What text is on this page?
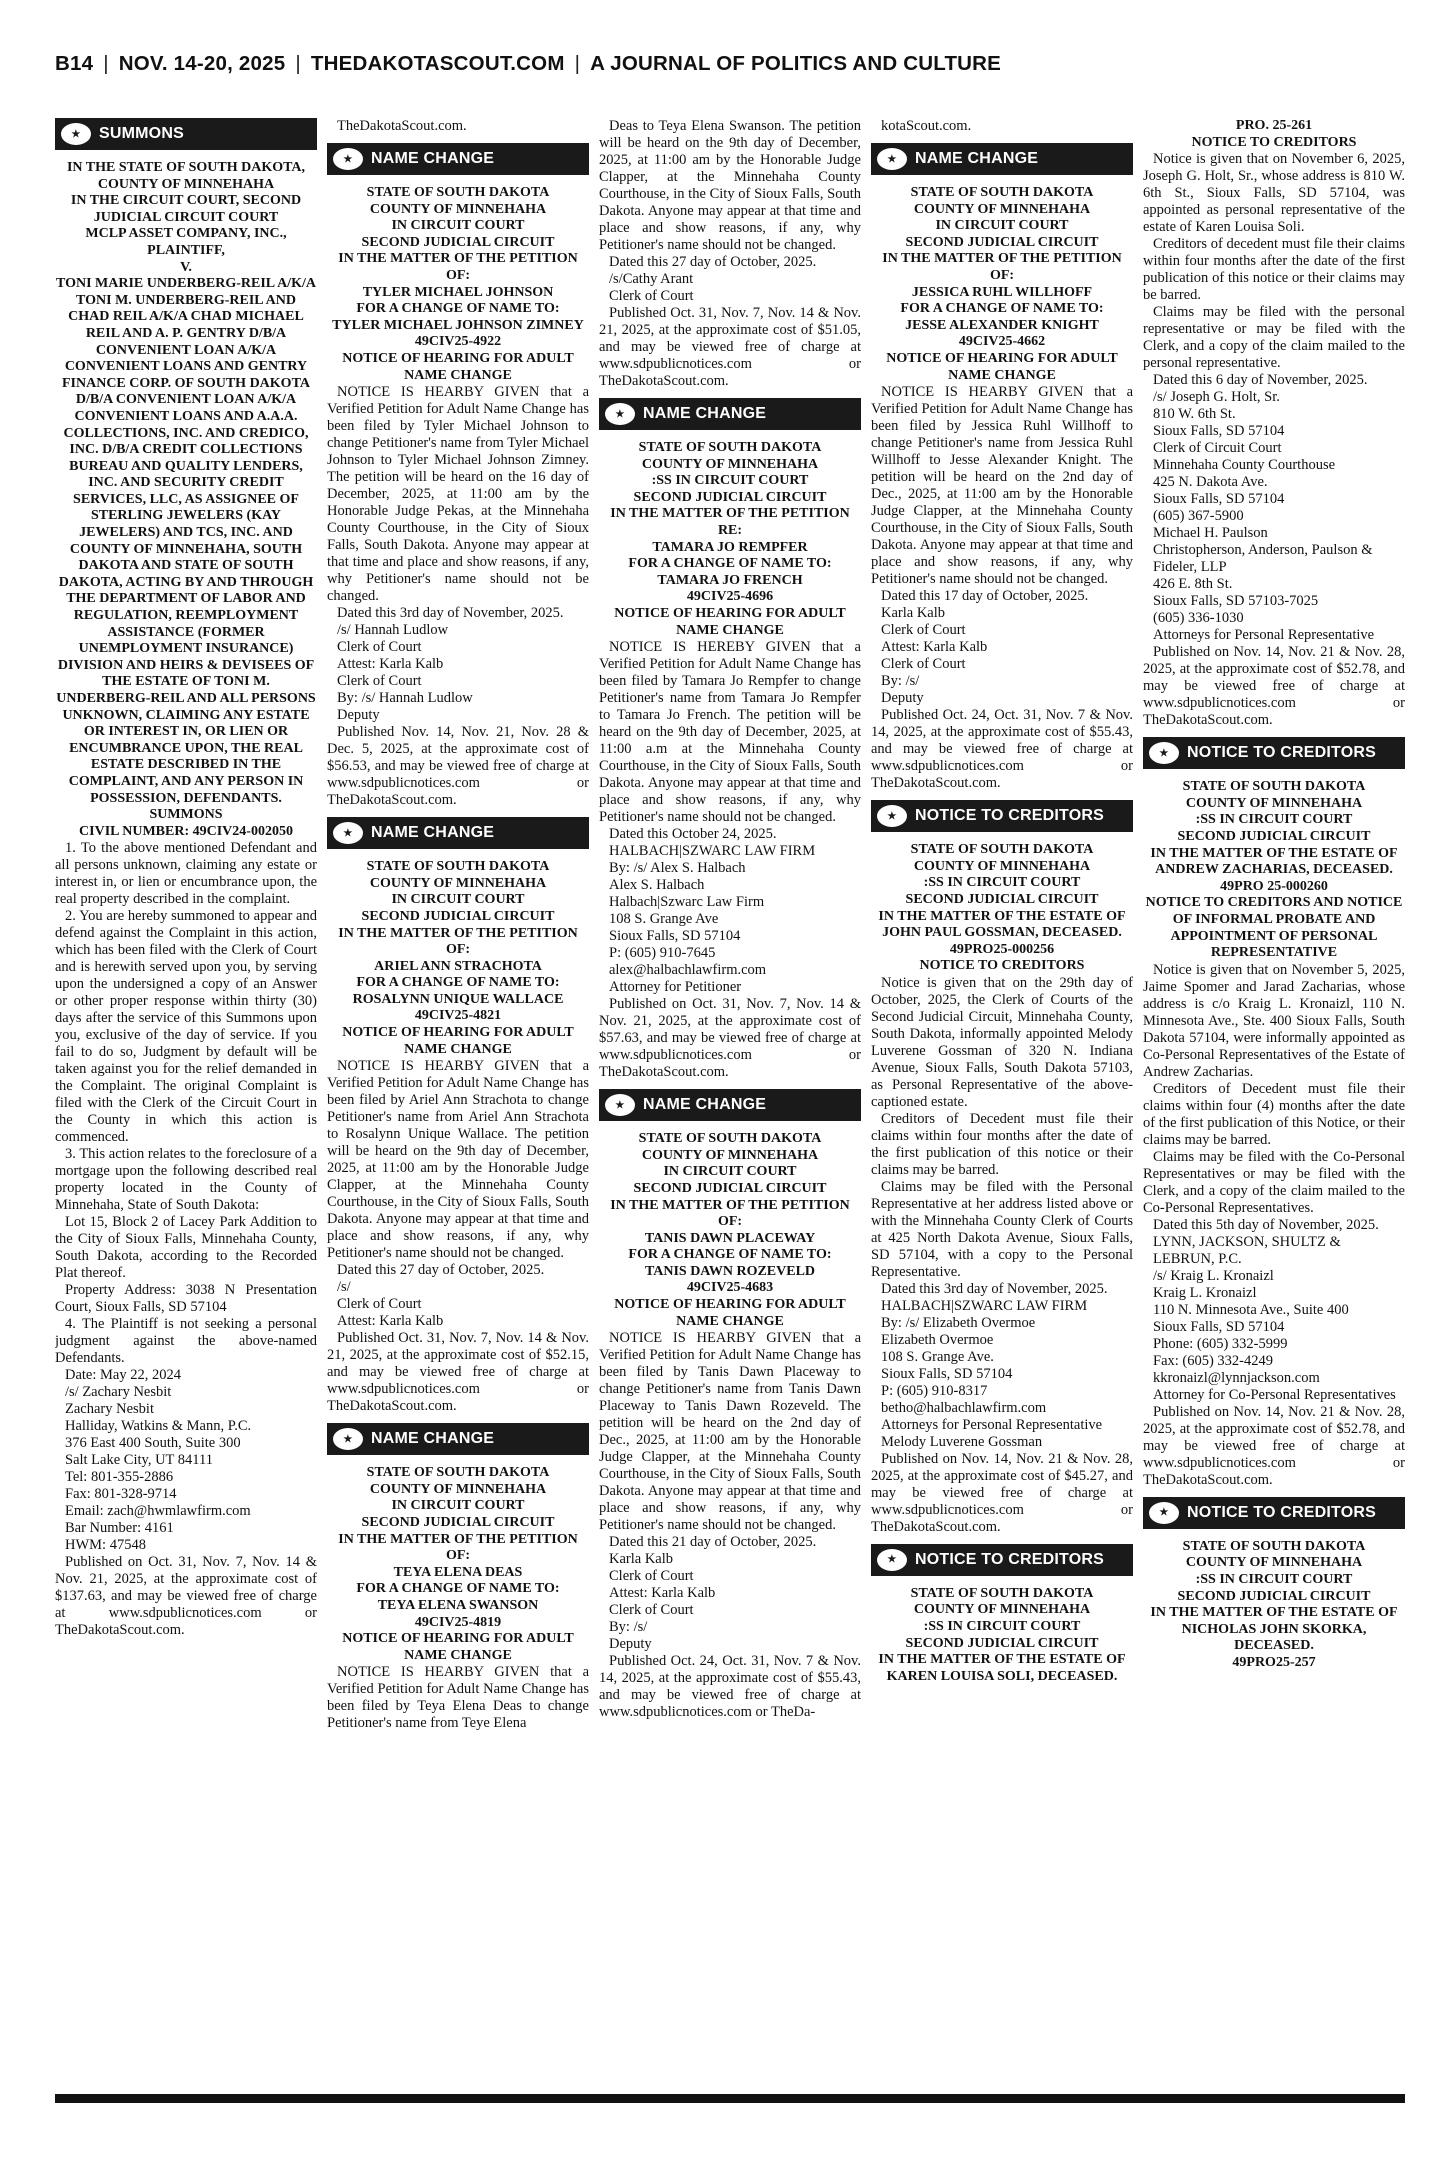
B14 | NOV. 14-20, 2025 | THEDAKOTASCOUT.COM | A JOURNAL OF POLITICS AND CULTURE
★	SUMMONS

IN THE STATE OF SOUTH DAKOTA,

COUNTY OF MINNEHAHA

IN THE CIRCUIT COURT, SECOND JUDICIAL CIRCUIT COURT

MCLP ASSET COMPANY, INC.,

PLAINTIFF,

V.

TONI MARIE UNDERBERG-REIL A/K/A TONI M. UNDERBERG-REIL AND CHAD REIL A/K/A CHAD MICHAEL REIL AND A. P. GENTRY D/B/A CONVENIENT LOAN A/K/A CONVENIENT LOANS AND GENTRY FINANCE CORP. OF SOUTH DAKOTA D/B/A CONVENIENT LOAN A/K/A CONVENIENT LOANS AND A.A.A. COLLECTIONS, INC. AND CREDICO, INC. D/B/A CREDIT COLLECTIONS BUREAU AND QUALITY LENDERS, INC. AND SECURITY CREDIT SERVICES, LLC, AS ASSIGNEE OF STERLING JEWELERS (KAY JEWELERS) AND TCS, INC. AND COUNTY OF MINNEHAHA, SOUTH DAKOTA AND STATE OF SOUTH DAKOTA, ACTING BY AND THROUGH THE DEPARTMENT OF LABOR AND REGULATION, REEMPLOYMENT ASSISTANCE (FORMER UNEMPLOYMENT INSURANCE) DIVISION AND HEIRS & DEVISEES OF THE ESTATE OF TONI M. UNDERBERG-REIL AND ALL PERSONS UNKNOWN, CLAIMING ANY ESTATE OR INTEREST IN, OR LIEN OR ENCUMBRANCE UPON, THE REAL ESTATE DESCRIBED IN THE COMPLAINT, AND ANY PERSON IN POSSESSION, DEFENDANTS.

SUMMONS

CIVIL NUMBER: 49CIV24-002050

1. To the above mentioned Defendant and all persons unknown, claiming any estate or interest in, or lien or encumbrance upon, the real property described in the complaint.

2. You are hereby summoned to appear and defend against the Complaint in this action, which has been filed with the Clerk of Court and is herewith served upon you, by serving upon the undersigned a copy of an Answer or other proper response within thirty (30) days after the service of this Summons upon you, exclusive of the day of service. If you fail to do so, Judgment by default will be taken against you for the relief demanded in the Complaint. The original Complaint is filed with the Clerk of the Circuit Court in the County in which this action is commenced.

3. This action relates to the foreclosure of a mortgage upon the following described real property located in the County of Minnehaha, State of South Dakota:

Lot 15, Block 2 of Lacey Park Addition to the City of Sioux Falls, Minnehaha County, South Dakota, according to the Recorded Plat thereof.

Property Address: 3038 N Presentation Court, Sioux Falls, SD 57104

4. The Plaintiff is not seeking a personal judgment against the above-named Defendants.

Date: May 22, 2024

/s/ Zachary Nesbit

Zachary Nesbit

Halliday, Watkins & Mann, P.C.

376 East 400 South, Suite 300

Salt Lake City, UT 84111

Tel: 801-355-2886

Fax: 801-328-9714

Email: zach@hwmlawfirm.com

Bar Number: 4161

HWM: 47548

Published on Oct. 31, Nov. 7, Nov. 14 & Nov. 21, 2025, at the approximate cost of $137.63, and may be viewed free of charge at www.sdpublicnotices.com or TheDakotaScout.com.

TheDakotaScout.com.

★	NAME CHANGE

STATE OF SOUTH DAKOTA

COUNTY OF MINNEHAHA

IN CIRCUIT COURT

SECOND JUDICIAL CIRCUIT

IN THE MATTER OF THE PETITION OF:

TYLER MICHAEL JOHNSON

FOR A CHANGE OF NAME TO:

TYLER MICHAEL JOHNSON ZIMNEY

49CIV25-4922

NOTICE OF HEARING FOR ADULT NAME CHANGE

NOTICE IS HEARBY GIVEN that a Verified Petition for Adult Name Change has been filed by Tyler Michael Johnson to change Petitioner's name from Tyler Michael Johnson to Tyler Michael Johnson Zimney. The petition will be heard on the 16 day of December, 2025, at 11:00 am by the Honorable Judge Pekas, at the Minnehaha County Courthouse, in the City of Sioux Falls, South Dakota. Anyone may appear at that time and place and show reasons, if any, why Petitioner's name should not be changed.

Dated this 3rd day of November, 2025.

/s/ Hannah Ludlow

Clerk of Court

Attest: Karla Kalb

Clerk of Court

By: /s/ Hannah Ludlow

Deputy

Published Nov. 14, Nov. 21, Nov. 28 & Dec. 5, 2025, at the approximate cost of $56.53, and may be viewed free of charge at www.sdpublicnotices.com or TheDakotaScout.com.

★	NAME CHANGE

STATE OF SOUTH DAKOTA

COUNTY OF MINNEHAHA

IN CIRCUIT COURT

SECOND JUDICIAL CIRCUIT

IN THE MATTER OF THE PETITION OF:

ARIEL ANN STRACHOTA

FOR A CHANGE OF NAME TO:

ROSALYNN UNIQUE WALLACE

49CIV25-4821

NOTICE OF HEARING FOR ADULT NAME CHANGE

NOTICE IS HEARBY GIVEN that a Verified Petition for Adult Name Change has been filed by Ariel Ann Strachota to change Petitioner's name from Ariel Ann Strachota to Rosalynn Unique Wallace. The petition will be heard on the 9th day of December, 2025, at 11:00 am by the Honorable Judge Clapper, at the Minnehaha County Courthouse, in the City of Sioux Falls, South Dakota. Anyone may appear at that time and place and show reasons, if any, why Petitioner's name should not be changed.

Dated this 27 day of October, 2025.

/s/

Clerk of Court

Attest: Karla Kalb

Published Oct. 31, Nov. 7, Nov. 14 & Nov. 21, 2025, at the approximate cost of $52.15, and may be viewed free of charge at www.sdpublicnotices.com or TheDakotaScout.com.

★	NAME CHANGE

STATE OF SOUTH DAKOTA

COUNTY OF MINNEHAHA

IN CIRCUIT COURT

SECOND JUDICIAL CIRCUIT

IN THE MATTER OF THE PETITION OF:

TEYA ELENA DEAS

FOR A CHANGE OF NAME TO:

TEYA ELENA SWANSON

49CIV25-4819

NOTICE OF HEARING FOR ADULT NAME CHANGE

NOTICE IS HEARBY GIVEN that a Verified Petition for Adult Name Change has been filed by Teya Elena Deas to change Petitioner's name from Teye Elena

Deas to Teya Elena Swanson. The petition will be heard on the 9th day of December, 2025, at 11:00 am by the Honorable Judge Clapper, at the Minnehaha County Courthouse, in the City of Sioux Falls, South Dakota. Anyone may appear at that time and place and show reasons, if any, why Petitioner's name should not be changed.

Dated this 27 day of October, 2025.

/s/Cathy Arant

Clerk of Court

Published Oct. 31, Nov. 7, Nov. 14 & Nov. 21, 2025, at the approximate cost of $51.05, and may be viewed free of charge at www.sdpublicnotices.com or TheDakotaScout.com.

★	NAME CHANGE

STATE OF SOUTH DAKOTA

COUNTY OF MINNEHAHA

:SS IN CIRCUIT COURT

SECOND JUDICIAL CIRCUIT

IN THE MATTER OF THE PETITION RE:

TAMARA JO REMPFER

FOR A CHANGE OF NAME TO:

TAMARA JO FRENCH

49CIV25-4696

NOTICE OF HEARING FOR ADULT NAME CHANGE

NOTICE IS HEREBY GIVEN that a Verified Petition for Adult Name Change has been filed by Tamara Jo Rempfer to change Petitioner's name from Tamara Jo Rempfer to Tamara Jo French. The petition will be heard on the 9th day of December, 2025, at 11:00 a.m at the Minnehaha County Courthouse, in the City of Sioux Falls, South Dakota. Anyone may appear at that time and place and show reasons, if any, why Petitioner's name should not be changed.

Dated this October 24, 2025.

HALBACH|SZWARC LAW FIRM

By: /s/ Alex S. Halbach

Alex S. Halbach

Halbach|Szwarc Law Firm

108 S. Grange Ave

Sioux Falls, SD 57104

P: (605) 910-7645

alex@halbachlawfirm.com

Attorney for Petitioner

Published on Oct. 31, Nov. 7, Nov. 14 & Nov. 21, 2025, at the approximate cost of $57.63, and may be viewed free of charge at www.sdpublicnotices.com or TheDakotaScout.com.

★	NAME CHANGE

STATE OF SOUTH DAKOTA

COUNTY OF MINNEHAHA

IN CIRCUIT COURT

SECOND JUDICIAL CIRCUIT

IN THE MATTER OF THE PETITION OF:

TANIS DAWN PLACEWAY

FOR A CHANGE OF NAME TO:

TANIS DAWN ROZEVELD

49CIV25-4683

NOTICE OF HEARING FOR ADULT NAME CHANGE

NOTICE IS HEARBY GIVEN that a Verified Petition for Adult Name Change has been filed by Tanis Dawn Placeway to change Petitioner's name from Tanis Dawn Placeway to Tanis Dawn Rozeveld. The petition will be heard on the 2nd day of Dec., 2025, at 11:00 am by the Honorable Judge Clapper, at the Minnehaha County Courthouse, in the City of Sioux Falls, South Dakota. Anyone may appear at that time and place and show reasons, if any, why Petitioner's name should not be changed.

Dated this 21 day of October, 2025.

Karla Kalb

Clerk of Court

Attest: Karla Kalb

Clerk of Court

By: /s/

Deputy

Published Oct. 24, Oct. 31, Nov. 7 & Nov. 14, 2025, at the approximate cost of $55.43, and may be viewed free of charge at www.sdpublicnotices.com or TheDa-

kotaScout.com.

★	NAME CHANGE

STATE OF SOUTH DAKOTA

COUNTY OF MINNEHAHA

IN CIRCUIT COURT

SECOND JUDICIAL CIRCUIT

IN THE MATTER OF THE PETITION OF:

JESSICA RUHL WILLHOFF

FOR A CHANGE OF NAME TO:

JESSE ALEXANDER KNIGHT

49CIV25-4662

NOTICE OF HEARING FOR ADULT NAME CHANGE

NOTICE IS HEARBY GIVEN that a Verified Petition for Adult Name Change has been filed by Jessica Ruhl Willhoff to change Petitioner's name from Jessica Ruhl Willhoff to Jesse Alexander Knight. The petition will be heard on the 2nd day of Dec., 2025, at 11:00 am by the Honorable Judge Clapper, at the Minnehaha County Courthouse, in the City of Sioux Falls, South Dakota. Anyone may appear at that time and place and show reasons, if any, why Petitioner's name should not be changed.

Dated this 17 day of October, 2025.

Karla Kalb

Clerk of Court

Attest: Karla Kalb

Clerk of Court

By: /s/

Deputy

Published Oct. 24, Oct. 31, Nov. 7 & Nov. 14, 2025, at the approximate cost of $55.43, and may be viewed free of charge at www.sdpublicnotices.com or TheDakotaScout.com.

★	NOTICE TO CREDITORS

STATE OF SOUTH DAKOTA

COUNTY OF MINNEHAHA

:SS IN CIRCUIT COURT

SECOND JUDICIAL CIRCUIT

IN THE MATTER OF THE ESTATE OF

JOHN PAUL GOSSMAN, DECEASED.

49PRO25-000256

NOTICE TO CREDITORS

Notice is given that on the 29th day of October, 2025, the Clerk of Courts of the Second Judicial Circuit, Minnehaha County, South Dakota, informally appointed Melody Luverene Gossman of 320 N. Indiana Avenue, Sioux Falls, South Dakota 57103, as Personal Representative of the above-captioned estate.

Creditors of Decedent must file their claims within four months after the date of the first publication of this notice or their claims may be barred.

Claims may be filed with the Personal Representative at her address listed above or with the Minnehaha County Clerk of Courts at 425 North Dakota Avenue, Sioux Falls, SD 57104, with a copy to the Personal Representative.

Dated this 3rd day of November, 2025.

HALBACH|SZWARC LAW FIRM

By: /s/ Elizabeth Overmoe

Elizabeth Overmoe

108 S. Grange Ave.

Sioux Falls, SD 57104

P: (605) 910-8317

betho@halbachlawfirm.com

Attorneys for Personal Representative Melody Luverene Gossman

Published on Nov. 14, Nov. 21 & Nov. 28, 2025, at the approximate cost of $45.27, and may be viewed free of charge at www.sdpublicnotices.com or TheDakotaScout.com.

★	NOTICE TO CREDITORS

STATE OF SOUTH DAKOTA

COUNTY OF MINNEHAHA

:SS IN CIRCUIT COURT

SECOND JUDICIAL CIRCUIT

IN THE MATTER OF THE ESTATE OF

KAREN LOUISA SOLI, DECEASED.

PRO. 25-261

NOTICE TO CREDITORS

Notice is given that on November 6, 2025, Joseph G. Holt, Sr., whose address is 810 W. 6th St., Sioux Falls, SD 57104, was appointed as personal representative of the estate of Karen Louisa Soli.

Creditors of decedent must file their claims within four months after the date of the first publication of this notice or their claims may be barred.

Claims may be filed with the personal representative or may be filed with the Clerk, and a copy of the claim mailed to the personal representative.

Dated this 6 day of November, 2025.

/s/ Joseph G. Holt, Sr.

810 W. 6th St.

Sioux Falls, SD 57104

Clerk of Circuit Court

Minnehaha County Courthouse

425 N. Dakota Ave.

Sioux Falls, SD 57104

(605) 367-5900

Michael H. Paulson

Christopherson, Anderson, Paulson & Fideler, LLP

426 E. 8th St.

Sioux Falls, SD 57103-7025

(605) 336-1030

Attorneys for Personal Representative

Published on Nov. 14, Nov. 21 & Nov. 28, 2025, at the approximate cost of $52.78, and may be viewed free of charge at www.sdpublicnotices.com or TheDakotaScout.com.

★	NOTICE TO CREDITORS

STATE OF SOUTH DAKOTA

COUNTY OF MINNEHAHA

:SS IN CIRCUIT COURT

SECOND JUDICIAL CIRCUIT

IN THE MATTER OF THE ESTATE OF

ANDREW ZACHARIAS, DECEASED.

49PRO 25-000260

NOTICE TO CREDITORS AND NOTICE OF INFORMAL PROBATE AND APPOINTMENT OF PERSONAL REPRESENTATIVE

Notice is given that on November 5, 2025, Jaime Spomer and Jarad Zacharias, whose address is c/o Kraig L. Kronaizl, 110 N. Minnesota Ave., Ste. 400 Sioux Falls, South Dakota 57104, were informally appointed as Co-Personal Representatives of the Estate of Andrew Zacharias.

Creditors of Decedent must file their claims within four (4) months after the date of the first publication of this Notice, or their claims may be barred.

Claims may be filed with the Co-Personal Representatives or may be filed with the Clerk, and a copy of the claim mailed to the Co-Personal Representatives.

Dated this 5th day of November, 2025.

LYNN, JACKSON, SHULTZ & LEBRUN, P.C.

/s/ Kraig L. Kronaizl

Kraig L. Kronaizl

110 N. Minnesota Ave., Suite 400

Sioux Falls, SD 57104

Phone: (605) 332-5999

Fax: (605) 332-4249

kkronaizl@lynnjackson.com

Attorney for Co-Personal Representatives

Published on Nov. 14, Nov. 21 & Nov. 28, 2025, at the approximate cost of $52.78, and may be viewed free of charge at www.sdpublicnotices.com or TheDakotaScout.com.

★	NOTICE TO CREDITORS

STATE OF SOUTH DAKOTA

COUNTY OF MINNEHAHA

:SS IN CIRCUIT COURT

SECOND JUDICIAL CIRCUIT

IN THE MATTER OF THE ESTATE OF

NICHOLAS JOHN SKORKA, DECEASED.

49PRO25-257
